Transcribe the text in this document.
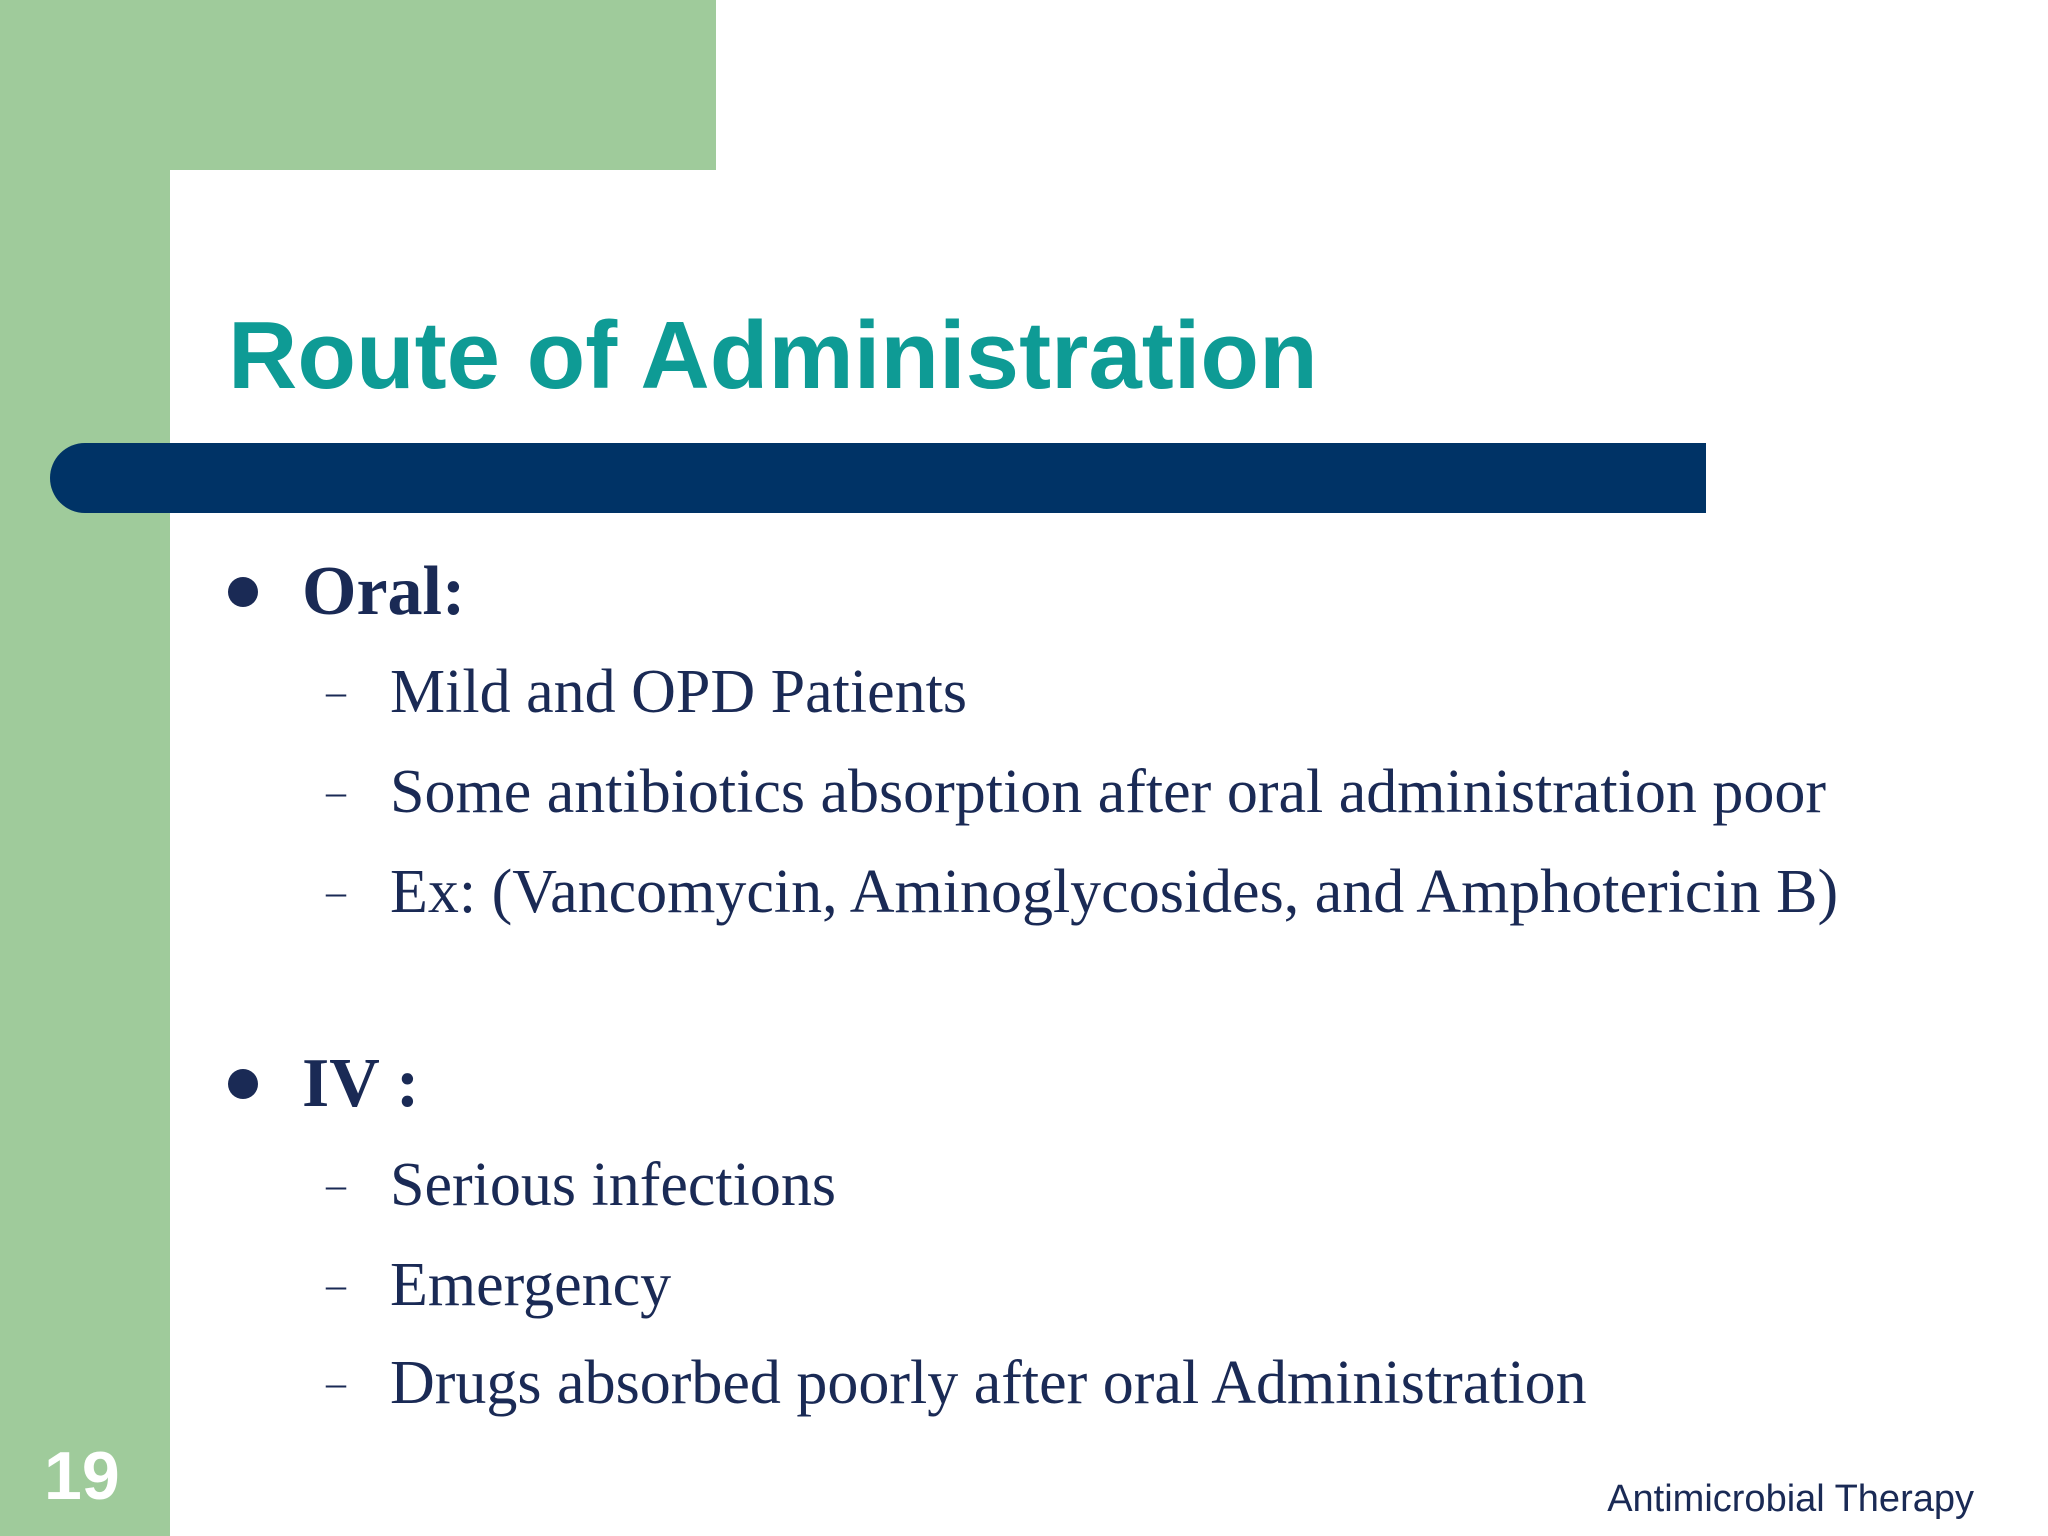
Route of Administration
Oral:
– Mild and OPD Patients
– Some antibiotics absorption after oral administration poor
– Ex: (Vancomycin, Aminoglycosides, and Amphotericin B)
IV :
– Serious infections
– Emergency
– Drugs absorbed poorly after oral Administration
19	Antimicrobial Therapy
